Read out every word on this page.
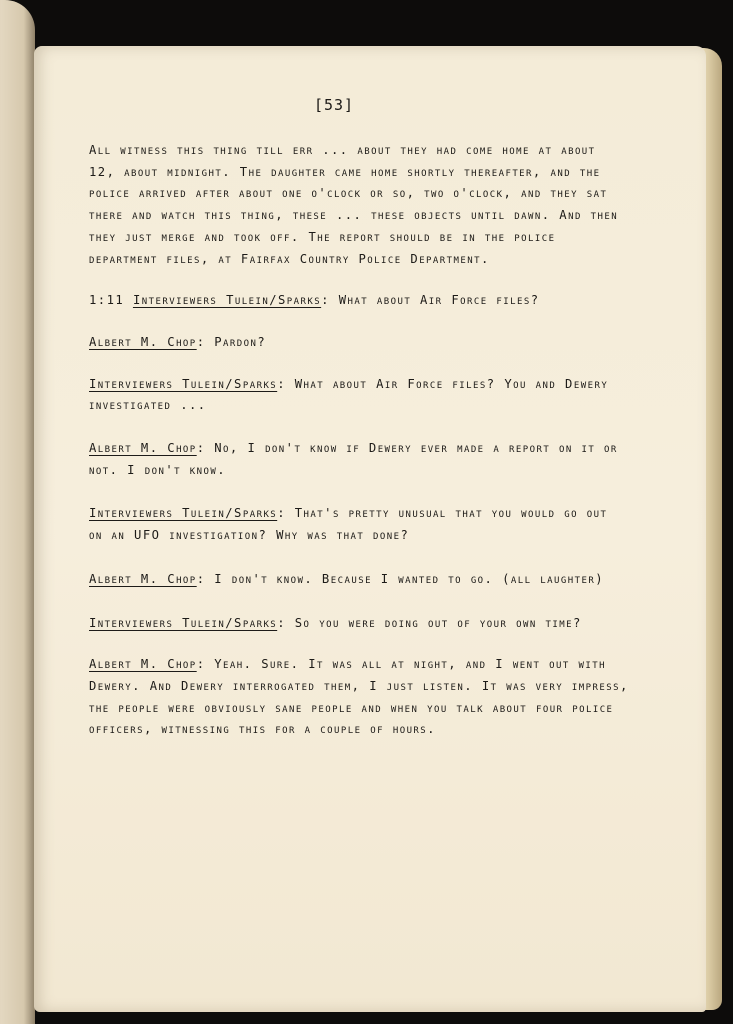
[53]

All witness this thing till err ... about they had come home at about 12, about midnight. The daughter came home shortly thereafter, and the police arrived after about one o'clock or so, two o'clock, and they sat there and watch this thing, these ... these objects until dawn. And then they just merge and took off. The report should be in the police department files, at Fairfax Country Police Department.

1:11 Interviewers Tulein/Sparks: What about Air Force files?

Albert M. Chop: Pardon?

Interviewers Tulein/Sparks: What about Air Force files? You and Dewery investigated ...

Albert M. Chop: No, I don't know if Dewery ever made a report on it or not. I don't know.

Interviewers Tulein/Sparks: That's pretty unusual that you would go out on an UFO investigation? Why was that done?

Albert M. Chop: I don't know. Because I wanted to go. (all laughter)

Interviewers Tulein/Sparks: So you were doing out of your own time?

Albert M. Chop: Yeah. Sure. It was all at night, and I went out with Dewery. And Dewery interrogated them, I just listen. It was very impress, the people were obviously sane people and when you talk about four police officers, witnessing this for a couple of hours.
